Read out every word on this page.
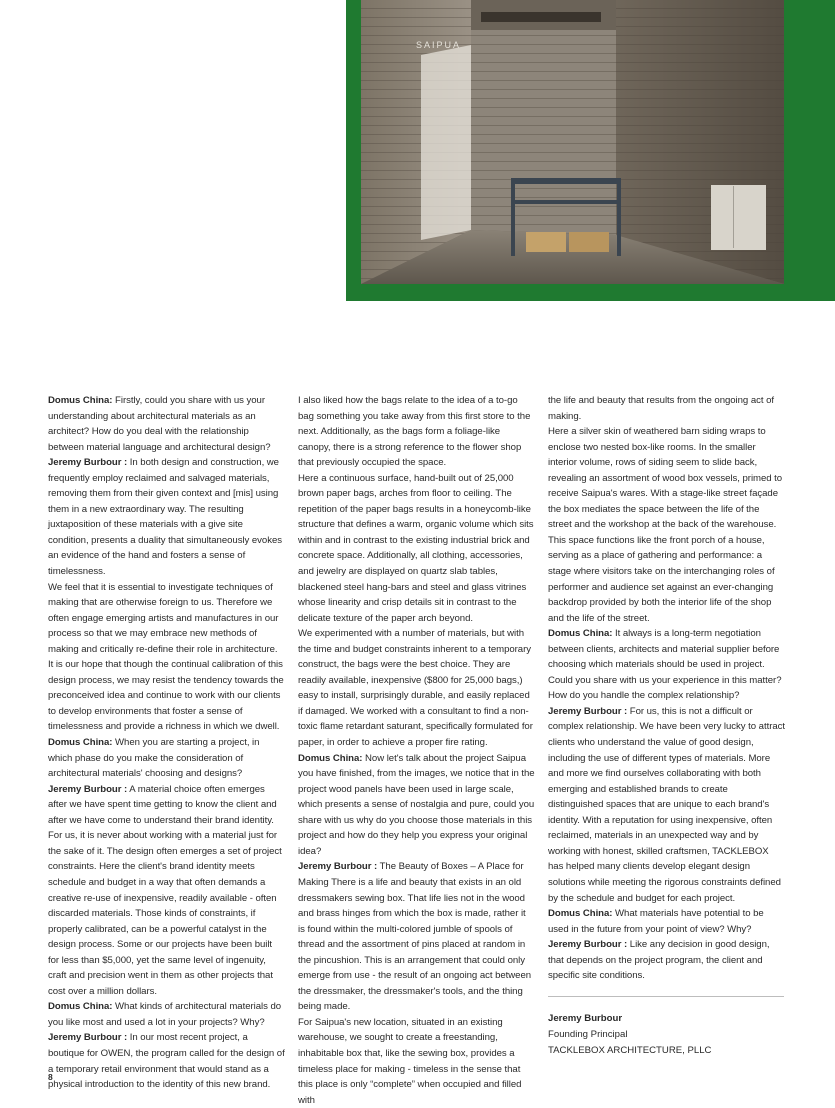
SAIPUA

Domus China: Firstly, could you share with us your understanding about architectural materials as an architect? How do you deal with the relationship between material language and architectural design?

Jeremy Burbour : In both design and construction, we frequently employ reclaimed and salvaged materials, removing them from their given context and [mis] using them in a new extraordinary way. The resulting juxtaposition of these materials with a give site condition, presents a duality that simultaneously evokes an evidence of the hand and fosters a sense of timelessness.

We feel that it is essential to investigate techniques of making that are otherwise foreign to us. Therefore we often engage emerging artists and manufactures in our process so that we may embrace new methods of making and critically re-define their role in architecture.

It is our hope that though the continual calibration of this design process, we may resist the tendency towards the preconceived idea and continue to work with our clients to develop environments that foster a sense of timelessness and provide a richness in which we dwell.

Domus China: When you are starting a project, in which phase do you make the consideration of architectural materials' choosing and designs?

Jeremy Burbour : A material choice often emerges after we have spent time getting to know the client and after we have come to understand their brand identity. For us, it is never about working with a material just for the sake of it. The design often emerges a set of project constraints. Here the client's brand identity meets schedule and budget in a way that often demands a creative re-use of inexpensive, readily available - often discarded materials. Those kinds of constraints, if properly calibrated, can be a powerful catalyst in the design process. Some or our projects have been built for less than $5,000, yet the same level of ingenuity, craft and precision went in them as other projects that cost over a million dollars.

Domus China: What kinds of architectural materials do you like most and used a lot in your projects? Why?

Jeremy Burbour : In our most recent project, a boutique for OWEN, the program called for the design of a temporary retail environment that would stand as a physical introduction to the identity of this new brand.

I also liked how the bags relate to the idea of a to-go bag something you take away from this first store to the next. Additionally, as the bags form a foliage-like canopy, there is a strong reference to the flower shop that previously occupied the space.

Here a continuous surface, hand-built out of 25,000 brown paper bags, arches from floor to ceiling. The repetition of the paper bags results in a honeycomb-like structure that defines a warm, organic volume which sits within and in contrast to the existing industrial brick and concrete space. Additionally, all clothing, accessories, and jewelry are displayed on quartz slab tables, blackened steel hang-bars and steel and glass vitrines whose linearity and crisp details sit in contrast to the delicate texture of the paper arch beyond.

We experimented with a number of materials, but with the time and budget constraints inherent to a temporary construct, the bags were the best choice. They are readily available, inexpensive ($800 for 25,000 bags,) easy to install, surprisingly durable, and easily replaced if damaged. We worked with a consultant to find a non-toxic flame retardant saturant, specifically formulated for paper, in order to achieve a proper fire rating.

Domus China: Now let's talk about the project Saipua you have finished, from the images, we notice that in the project wood panels have been used in large scale, which presents a sense of nostalgia and pure, could you share with us why do you choose those materials in this project and how do they help you express your original idea?

Jeremy Burbour : The Beauty of Boxes – A Place for Making There is a life and beauty that exists in an old dressmakers sewing box. That life lies not in the wood and brass hinges from which the box is made, rather it is found within the multi-colored jumble of spools of thread and the assortment of pins placed at random in the pincushion. This is an arrangement that could only emerge from use - the result of an ongoing act between the dressmaker, the dressmaker's tools, and the thing being made.

For Saipua's new location, situated in an existing warehouse, we sought to create a freestanding, inhabitable box that, like the sewing box, provides a timeless place for making - timeless in the sense that this place is only “complete” when occupied and filled with

the life and beauty that results from the ongoing act of making.

Here a silver skin of weathered barn siding wraps to enclose two nested box-like rooms. In the smaller interior volume, rows of siding seem to slide back, revealing an assortment of wood box vessels, primed to receive Saipua's wares. With a stage-like street façade the box mediates the space between the life of the street and the workshop at the back of the warehouse.

This space functions like the front porch of a house, serving as a place of gathering and performance: a stage where visitors take on the interchanging roles of performer and audience set against an ever-changing backdrop provided by both the interior life of the shop and the life of the street.

Domus China: It always is a long-term negotiation between clients, architects and material supplier before choosing which materials should be used in project. Could you share with us your experience in this matter? How do you handle the complex relationship?

Jeremy Burbour : For us, this is not a difficult or complex relationship. We have been very lucky to attract clients who understand the value of good design, including the use of different types of materials. More and more we find ourselves collaborating with both emerging and established brands to create distinguished spaces that are unique to each brand's identity. With a reputation for using inexpensive, often reclaimed, materials in an unexpected way and by working with honest, skilled craftsmen, TACKLEBOX has helped many clients develop elegant design solutions while meeting the rigorous constraints defined by the schedule and budget for each project.

Domus China: What materials have potential to be used in the future from your point of view? Why?

Jeremy Burbour : Like any decision in good design, that depends on the project program, the client and specific site conditions.

Jeremy Burbour
Founding Principal
TACKLEBOX ARCHITECTURE, PLLC
8
